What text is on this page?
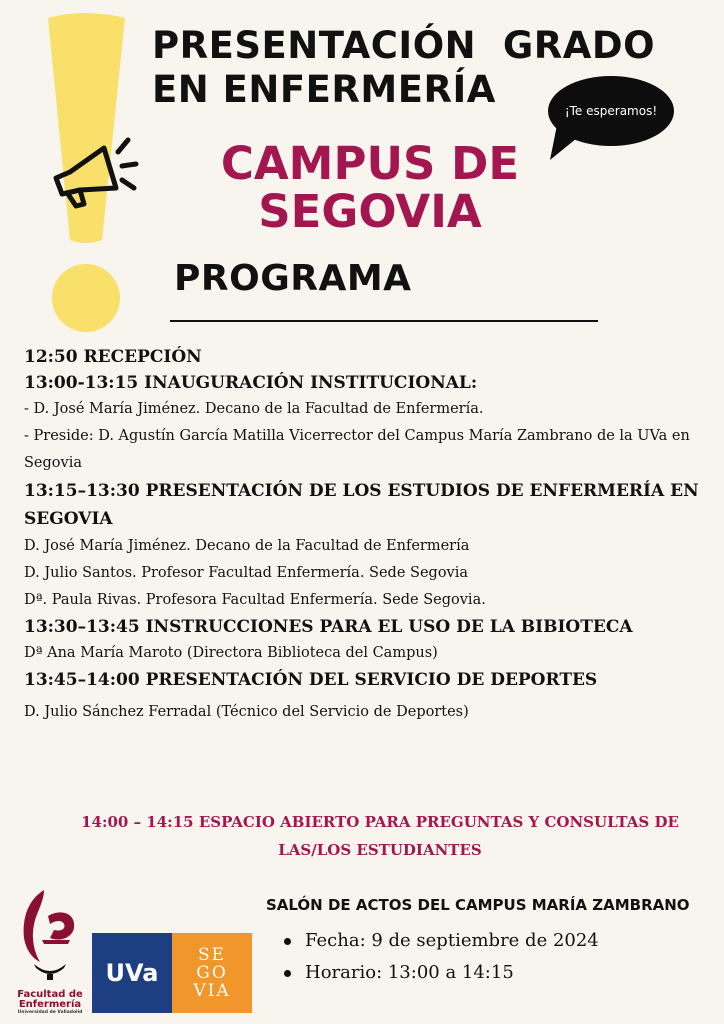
PRESENTACIÓN  GRADO
EN ENFERMERÍA	¡Te esperamos!
CAMPUS DE
SEGOVIA
PROGRAMA

12:50 RECEPCIÓN

13:00-13:15 INAUGURACIÓN INSTITUCIONAL:

- D. José María Jiménez. Decano de la Facultad de Enfermería.

- Preside: D. Agustín García Matilla Vicerrector del Campus María Zambrano de la UVa en Segovia

13:15–13:30 PRESENTACIÓN DE LOS ESTUDIOS DE ENFERMERÍA EN SEGOVIA

D. José María Jiménez. Decano de la Facultad de Enfermería

D. Julio Santos. Profesor Facultad Enfermería. Sede Segovia

Dª. Paula Rivas. Profesora Facultad Enfermería. Sede Segovia.

13:30–13:45 INSTRUCCIONES PARA EL USO DE LA BIBIOTECA

Dª Ana María Maroto (Directora Biblioteca del Campus)

13:45–14:00 PRESENTACIÓN DEL SERVICIO DE DEPORTES

D. Julio Sánchez Ferradal (Técnico del Servicio de Deportes)

14:00 – 14:15 ESPACIO ABIERTO PARA PREGUNTAS Y CONSULTAS DE
LAS/LOS ESTUDIANTES
SALÓN DE ACTOS DEL CAMPUS MARÍA ZAMBRANO
Fecha: 9 de septiembre de 2024
Horario: 13:00 a 14:15
Facultad de
Enfermería
Universidad de Valladolid
UVa
SE
GO
VIA
